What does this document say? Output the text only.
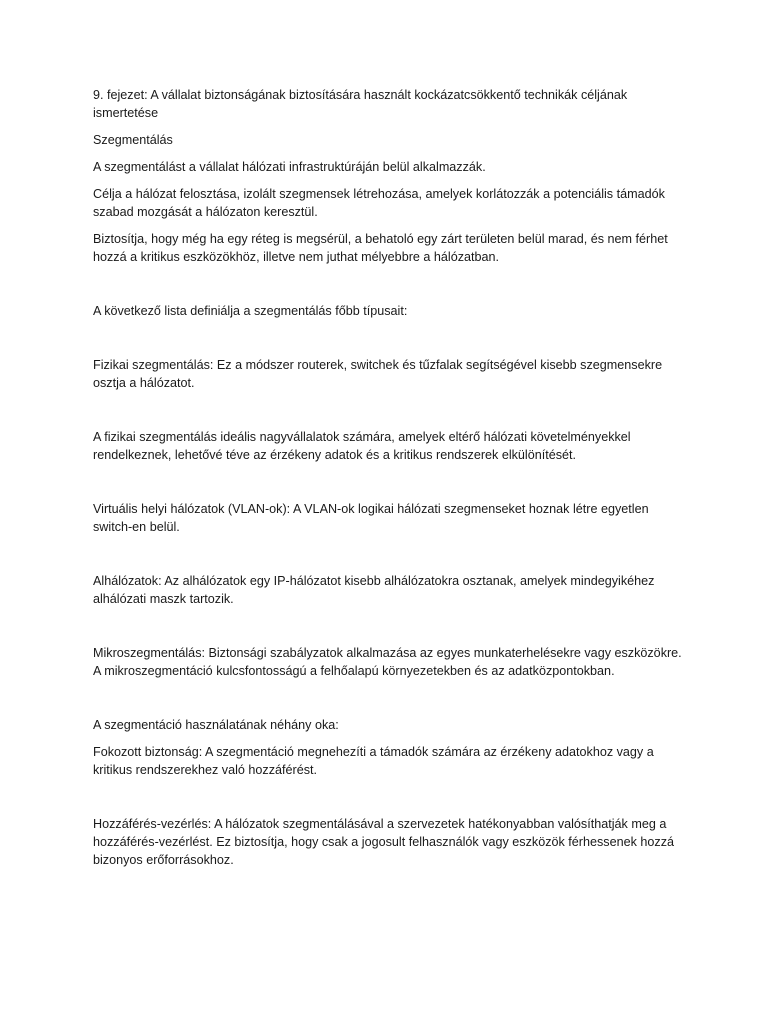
9. fejezet: A vállalat biztonságának biztosítására használt kockázatcsökkentő technikák céljának ismertetése

Szegmentálás

A szegmentálást a vállalat hálózati infrastruktúráján belül alkalmazzák.

Célja a hálózat felosztása, izolált szegmensek létrehozása, amelyek korlátozzák a potenciális támadók szabad mozgását a hálózaton keresztül.

Biztosítja, hogy még ha egy réteg is megsérül, a behatoló egy zárt területen belül marad, és nem férhet hozzá a kritikus eszközökhöz, illetve nem juthat mélyebbre a hálózatban.

A következő lista definiálja a szegmentálás főbb típusait:

Fizikai szegmentálás: Ez a módszer routerek, switchek és tűzfalak segítségével kisebb szegmensekre osztja a hálózatot.

A fizikai szegmentálás ideális nagyvállalatok számára, amelyek eltérő hálózati követelményekkel rendelkeznek, lehetővé téve az érzékeny adatok és a kritikus rendszerek elkülönítését.

Virtuális helyi hálózatok (VLAN-ok): A VLAN-ok logikai hálózati szegmenseket hoznak létre egyetlen switch-en belül.

Alhálózatok: Az alhálózatok egy IP-hálózatot kisebb alhálózatokra osztanak, amelyek mindegyikéhez alhálózati maszk tartozik.

Mikroszegmentálás: Biztonsági szabályzatok alkalmazása az egyes munkaterhelésekre vagy eszközökre. A mikroszegmentáció kulcsfontosságú a felhőalapú környezetekben és az adatközpontokban.

A szegmentáció használatának néhány oka:

Fokozott biztonság: A szegmentáció megnehezíti a támadók számára az érzékeny adatokhoz vagy a kritikus rendszerekhez való hozzáférést.

Hozzáférés-vezérlés: A hálózatok szegmentálásával a szervezetek hatékonyabban valósíthatják meg a hozzáférés-vezérlést. Ez biztosítja, hogy csak a jogosult felhasználók vagy eszközök férhessenek hozzá bizonyos erőforrásokhoz.
